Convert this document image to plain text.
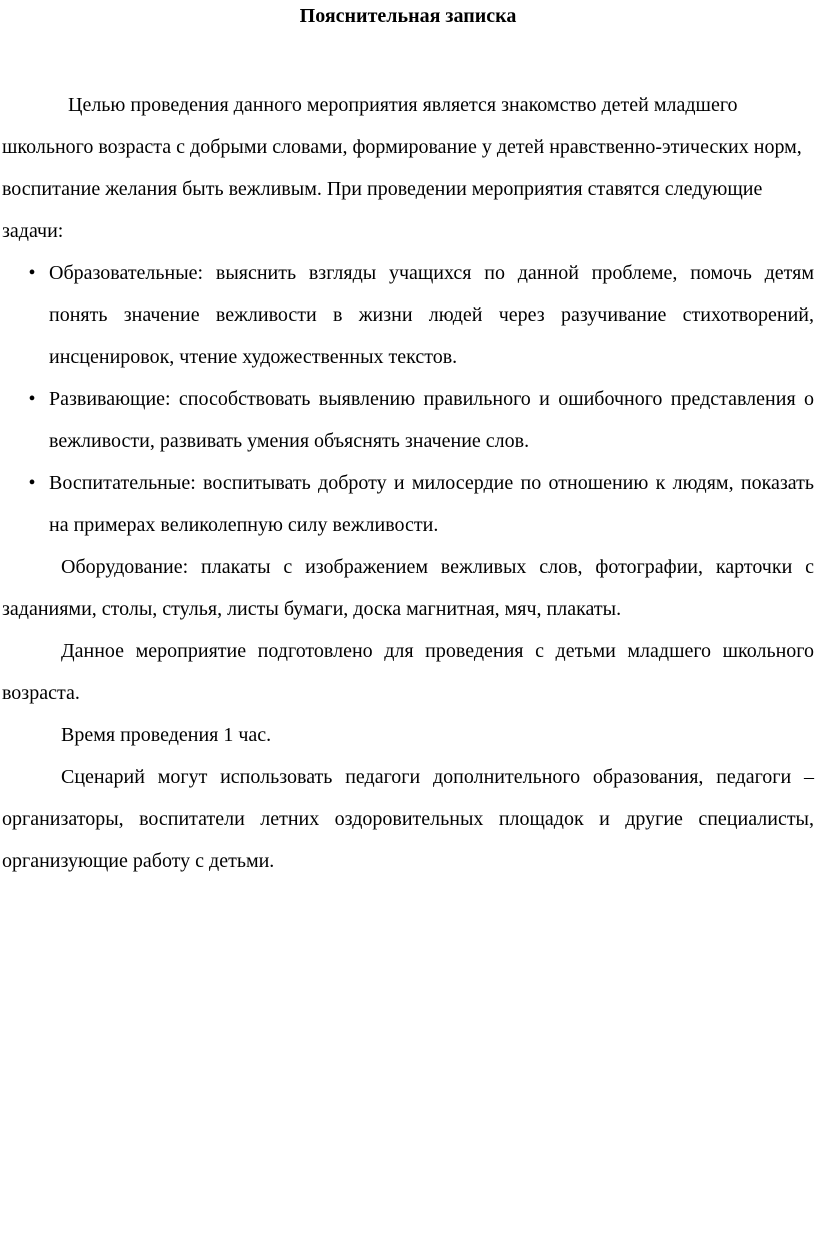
Пояснительная записка

Целью проведения данного мероприятия является знакомство детей младшего школьного возраста с добрыми словами, формирование у детей нравственно-этических норм, воспитание желания быть вежливым. При проведении мероприятия ставятся следующие задачи:

• Образовательные: выяснить взгляды учащихся по данной проблеме, помочь детям понять значение вежливости в жизни людей через разучивание стихотворений, инсценировок, чтение художественных текстов.
• Развивающие: способствовать выявлению правильного и ошибочного представления о вежливости, развивать умения объяснять значение слов.
• Воспитательные: воспитывать доброту и милосердие по отношению к людям, показать на примерах великолепную силу вежливости.

Оборудование: плакаты с изображением вежливых слов, фотографии, карточки с заданиями, столы, стулья, листы бумаги, доска магнитная, мяч, плакаты.

Данное мероприятие подготовлено для проведения с детьми младшего школьного возраста.

Время проведения 1 час.

Сценарий могут использовать педагоги дополнительного образования, педагоги – организаторы, воспитатели летних оздоровительных площадок и другие специалисты, организующие работу с детьми.
